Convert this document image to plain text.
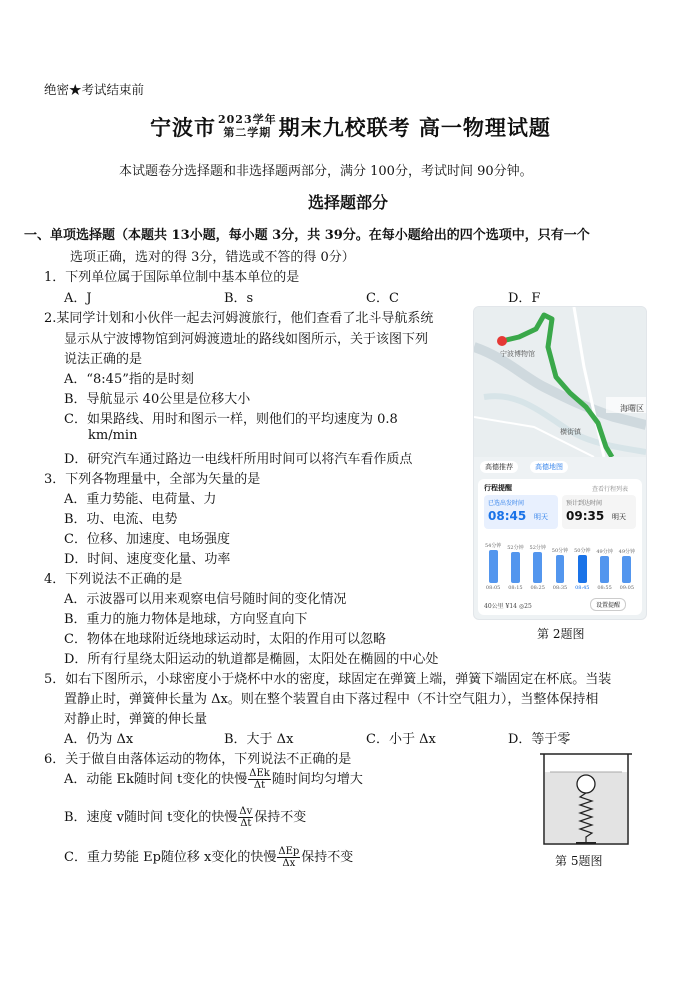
绝密★考试结束前
宁波市 2023学年
第二学期 期末九校联考 高一物理试题
本试题卷分选择题和非选择题两部分，满分 100分，考试时间 90分钟。
选择题部分
一、单项选择题（本题共 13小题，每小题 3分，共 39分。在每小题给出的四个选项中，只有一个
选项正确，选对的得 3分，错选或不答的得 0分）
1．下列单位属于国际单位制中基本单位的是
A．J	B．s	C．C	D．F
2.某同学计划和小伙伴一起去河姆渡旅行，他们查看了北斗导航系统
显示从宁波博物馆到河姆渡遗址的路线如图所示，关于该图下列
说法正确的是
A．“8:45”指的是时刻
B．导航显示 40公里是位移大小
C．如果路线、用时和图示一样，则他们的平均速度为 0.8
km/min
D．研究汽车通过路边一电线杆所用时间可以将汽车看作质点
宁波博物馆
海曙区
横街镇
高德推荐	高德地图
行程提醒	查看行程列表
已选出发时间
08:45 明天
预计到达时间
09:35 明天
54分钟
08:05
52分钟
08:15
52分钟
08:25
50分钟
08:35
50分钟
08:45
49分钟
08:55
49分钟
09:05
40公里 ¥14 ◎25	设置提醒
第 2题图
3．下列各物理量中，全部为矢量的是
A．重力势能、电荷量、力
B．功、电流、电势
C．位移、加速度、电场强度
D．时间、速度变化量、功率
4．下列说法不正确的是
A．示波器可以用来观察电信号随时间的变化情况
B．重力的施力物体是地球，方向竖直向下
C．物体在地球附近绕地球运动时，太阳的作用可以忽略
D．所有行星绕太阳运动的轨道都是椭圆，太阳处在椭圆的中心处
5．如右下图所示，小球密度小于烧杯中水的密度，球固定在弹簧上端，弹簧下端固定在杯底。当装
置静止时，弹簧伸长量为 Δx。则在整个装置自由下落过程中（不计空气阻力），当整体保持相
对静止时，弹簧的伸长量
A．仍为 Δx	B．大于 Δx	C．小于 Δx	D．等于零
第 5题图
6．关于做自由落体运动的物体，下列说法不正确的是
A．动能 Ek随时间 t变化的快慢 $\frac{\text{ΔEk}}{\Delta t}$ 随时间均匀增大
B．速度 v随时间 t变化的快慢 $\frac{\Delta v}{\Delta t}$ 保持不变
C．重力势能 Ep随位移 x变化的快慢 $\frac{\text{ΔEp}}{\Delta x}$ 保持不变
